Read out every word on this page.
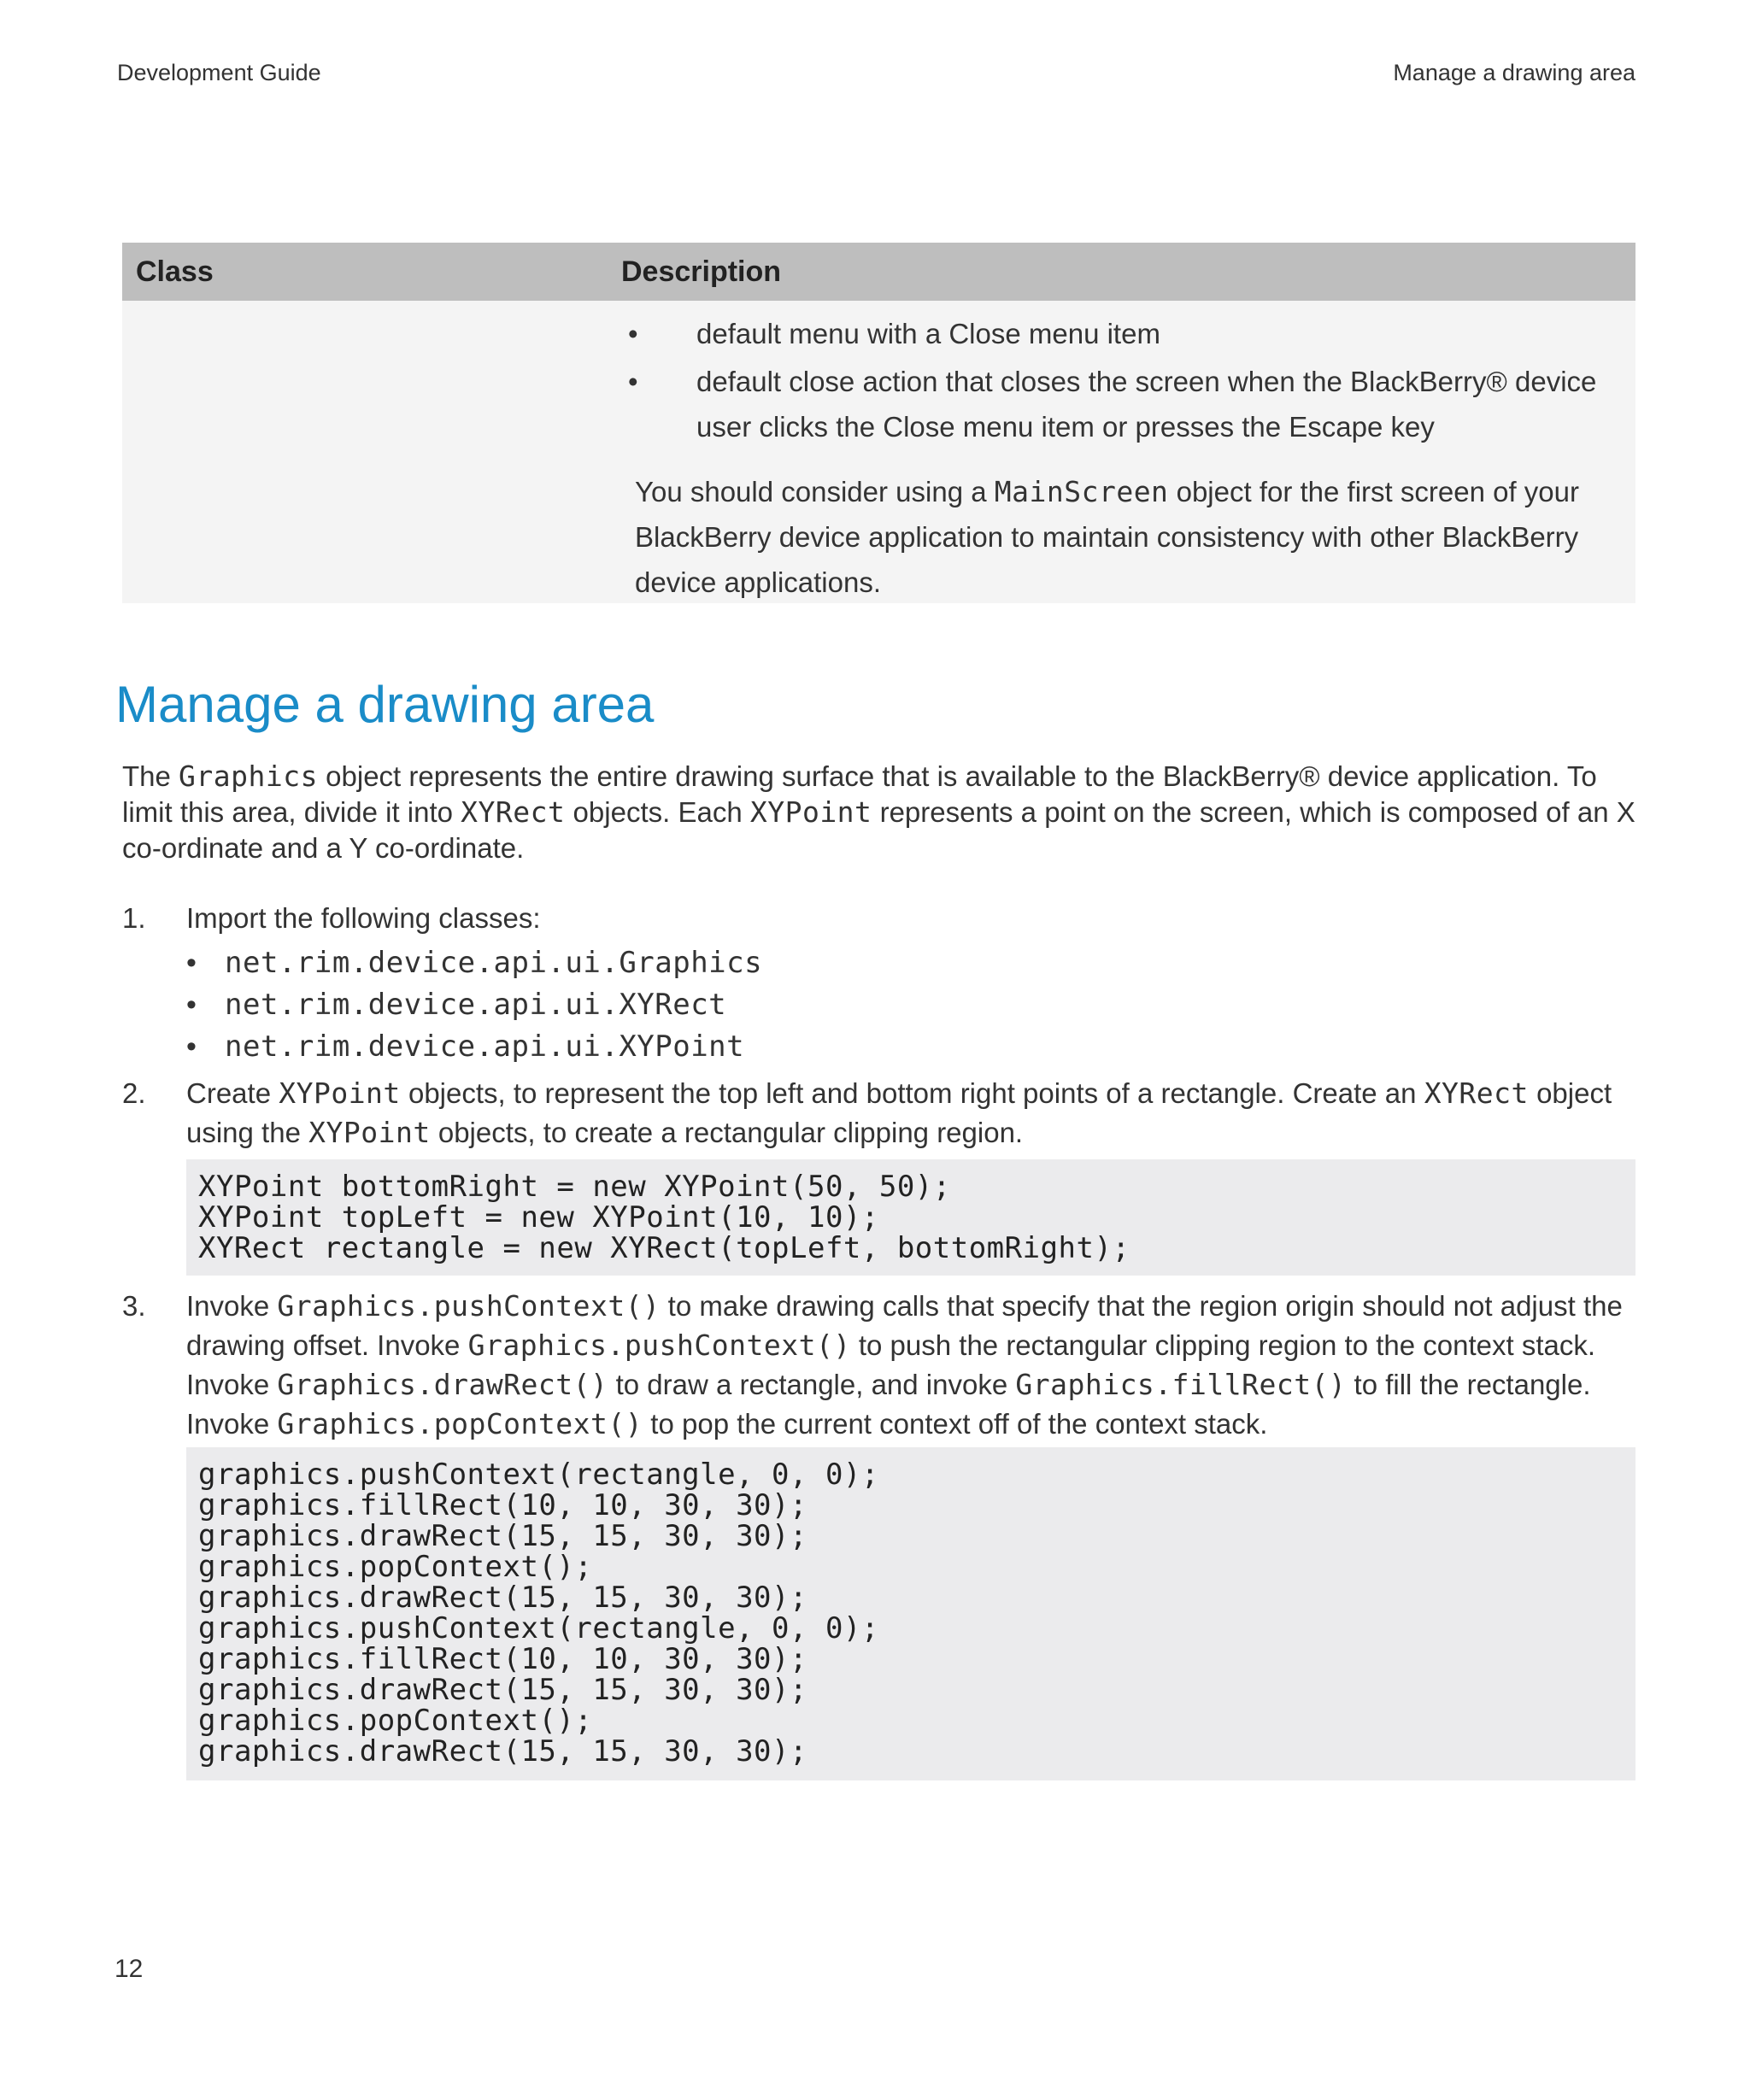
Development Guide	Manage a drawing area
Class	Description
• default menu with a Close menu item
• default close action that closes the screen when the BlackBerry® device user clicks the Close menu item or presses the Escape key
You should consider using a MainScreen object for the first screen of your BlackBerry device application to maintain consistency with other BlackBerry device applications.
Manage a drawing area

The Graphics object represents the entire drawing surface that is available to the BlackBerry® device application. To limit this area, divide it into XYRect objects. Each XYPoint represents a point on the screen, which is composed of an X co-ordinate and a Y co-ordinate.

1. Import the following classes:
• net.rim.device.api.ui.Graphics
• net.rim.device.api.ui.XYRect
• net.rim.device.api.ui.XYPoint
2. Create XYPoint objects, to represent the top left and bottom right points of a rectangle. Create an XYRect object using the XYPoint objects, to create a rectangular clipping region.
XYPoint bottomRight = new XYPoint(50, 50);
XYPoint topLeft = new XYPoint(10, 10);
XYRect rectangle = new XYRect(topLeft, bottomRight);
3. Invoke Graphics.pushContext() to make drawing calls that specify that the region origin should not adjust the drawing offset. Invoke Graphics.pushContext() to push the rectangular clipping region to the context stack. Invoke Graphics.drawRect() to draw a rectangle, and invoke Graphics.fillRect() to fill the rectangle. Invoke Graphics.popContext() to pop the current context off of the context stack.
graphics.pushContext(rectangle, 0, 0);
graphics.fillRect(10, 10, 30, 30);
graphics.drawRect(15, 15, 30, 30);
graphics.popContext();
graphics.drawRect(15, 15, 30, 30);
graphics.pushContext(rectangle, 0, 0);
graphics.fillRect(10, 10, 30, 30);
graphics.drawRect(15, 15, 30, 30);
graphics.popContext();
graphics.drawRect(15, 15, 30, 30);
12
